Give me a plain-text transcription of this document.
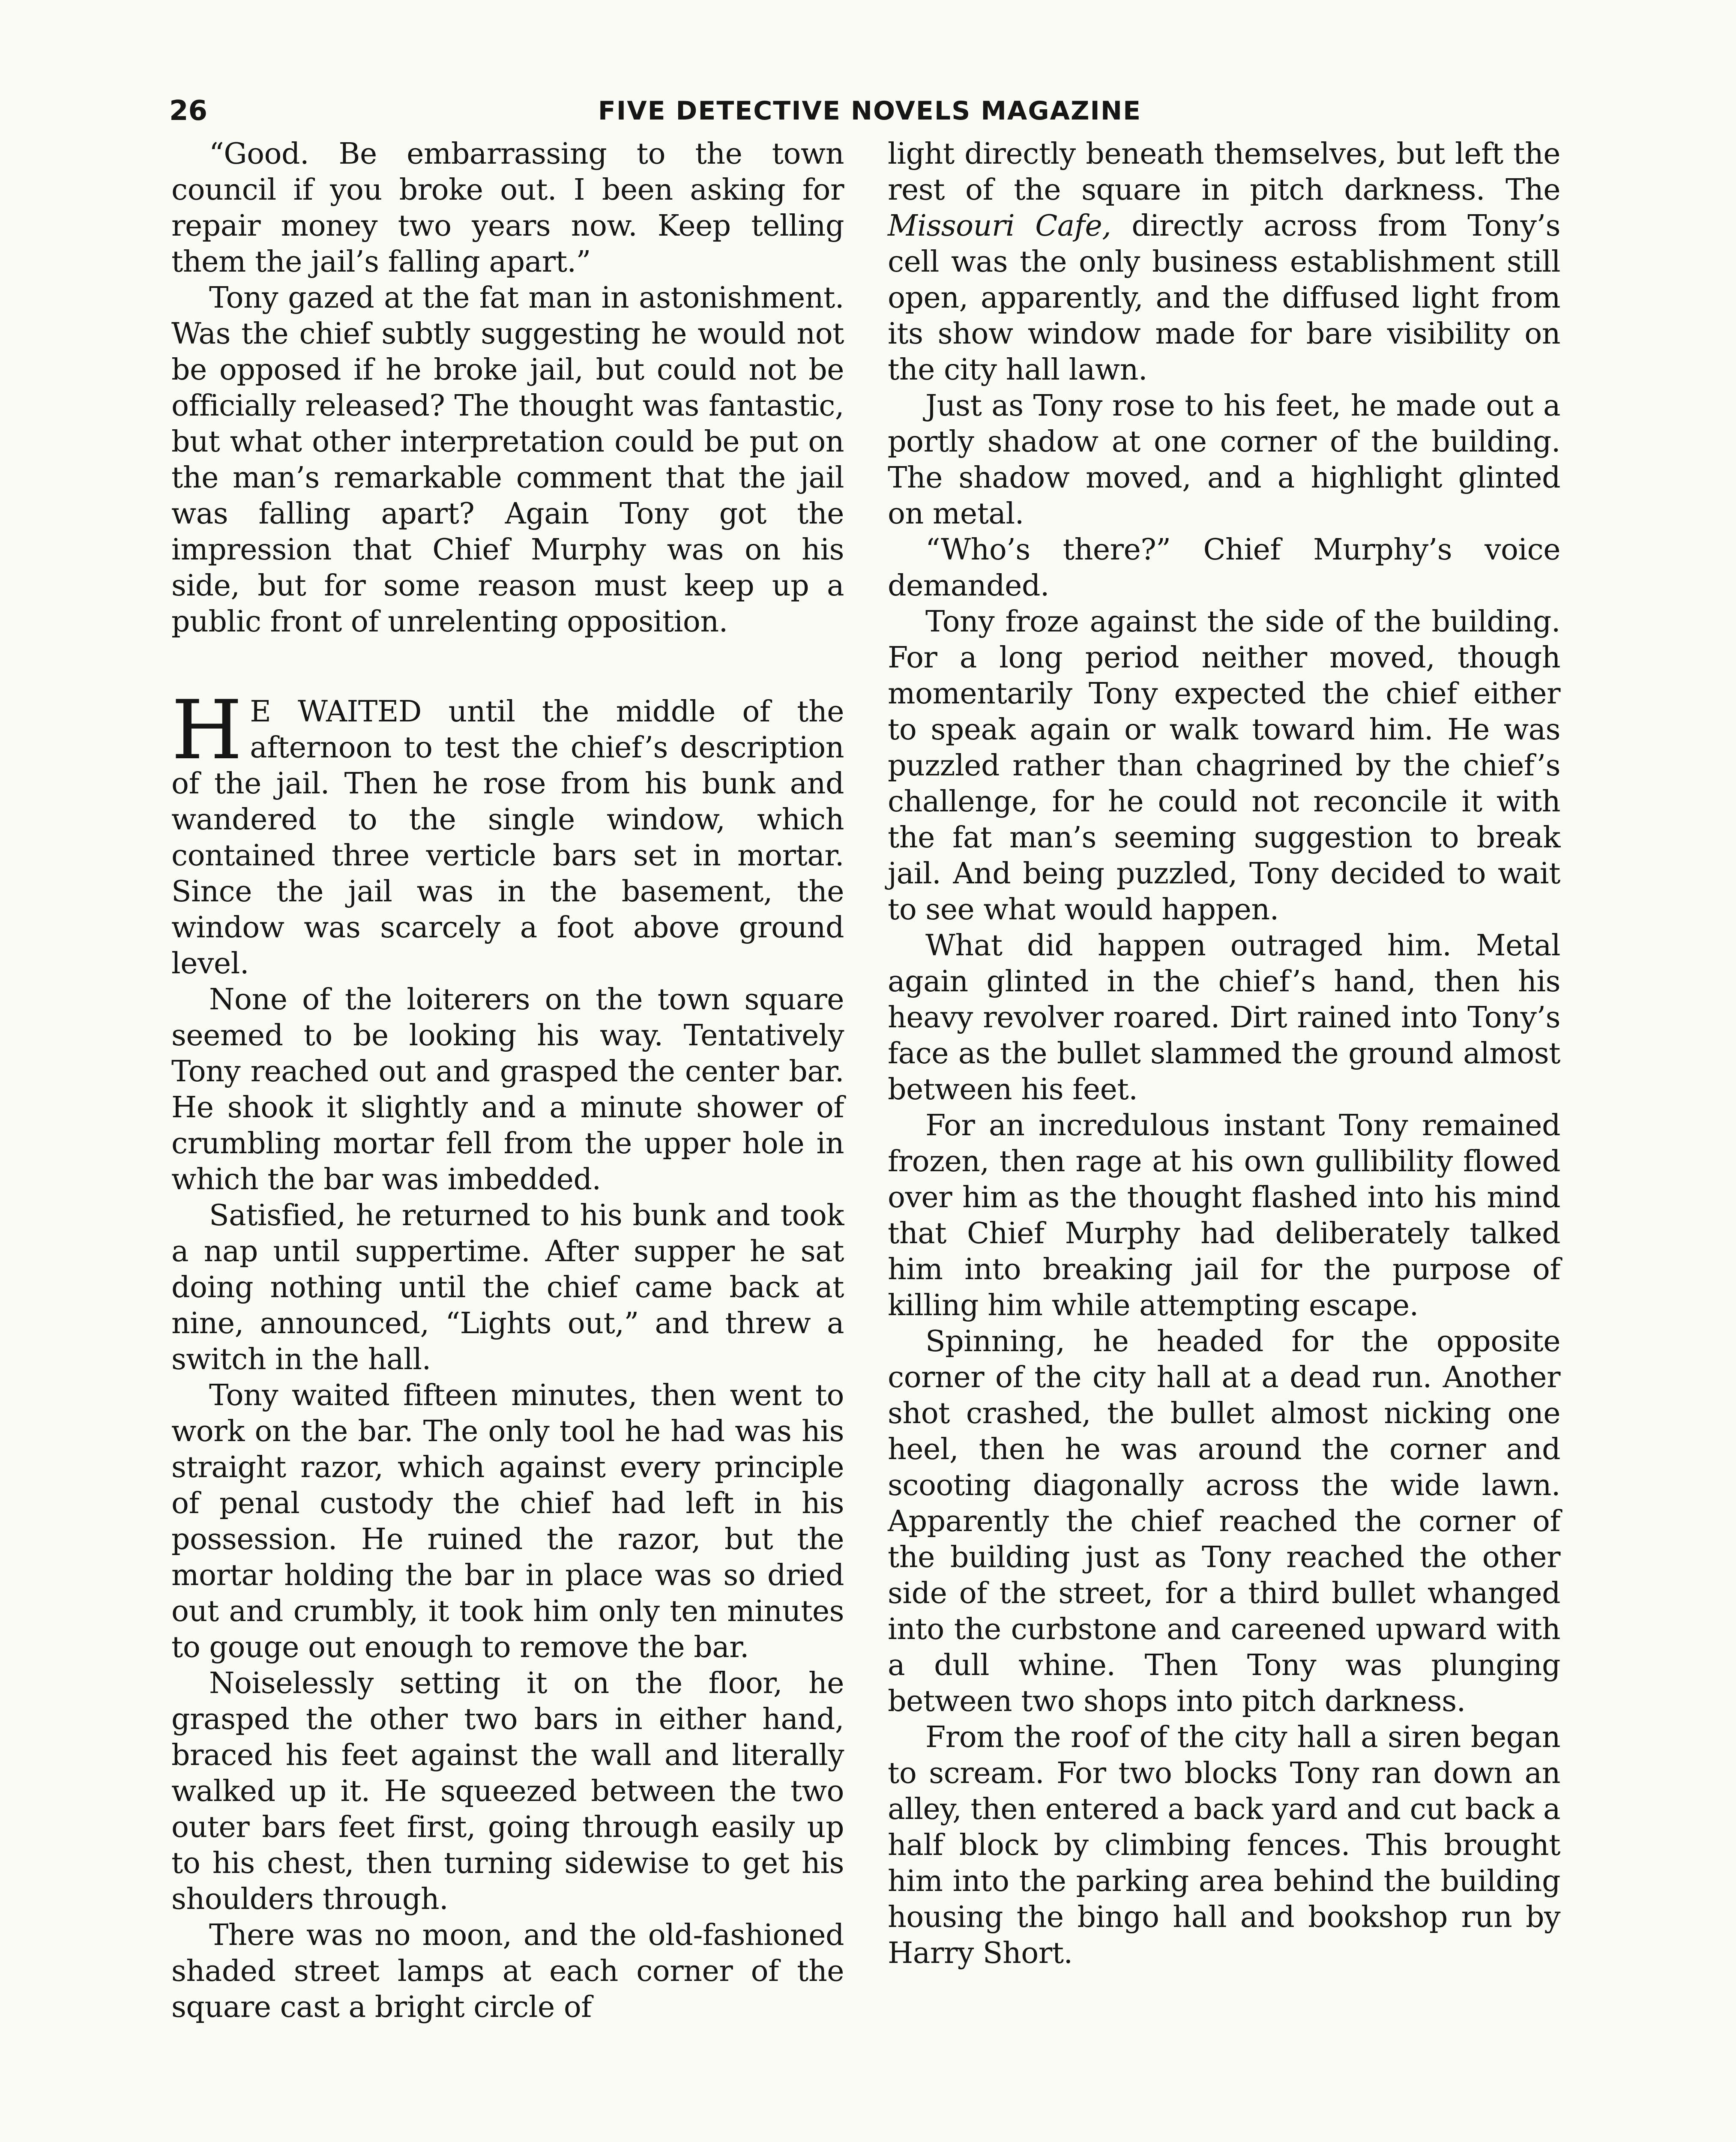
26	FIVE DETECTIVE NOVELS MAGAZINE

“Good. Be embarrassing to the town council if you broke out. I been asking for repair money two years now. Keep telling them the jail’s falling apart.”

Tony gazed at the fat man in astonishment. Was the chief subtly suggesting he would not be opposed if he broke jail, but could not be officially released? The thought was fantastic, but what other interpretation could be put on the man’s remarkable comment that the jail was falling apart? Again Tony got the impression that Chief Murphy was on his side, but for some reason must keep up a public front of unrelenting opposition.

H E WAITED until the middle of the afternoon to test the chief’s description of the jail. Then he rose from his bunk and wandered to the single window, which contained three verticle bars set in mortar. Since the jail was in the basement, the window was scarcely a foot above ground level.

None of the loiterers on the town square seemed to be looking his way. Tentatively Tony reached out and grasped the center bar. He shook it slightly and a minute shower of crumbling mortar fell from the upper hole in which the bar was imbedded.

Satisfied, he returned to his bunk and took a nap until suppertime. After supper he sat doing nothing until the chief came back at nine, announced, “Lights out,” and threw a switch in the hall.

Tony waited fifteen minutes, then went to work on the bar. The only tool he had was his straight razor, which against every principle of penal custody the chief had left in his possession. He ruined the razor, but the mortar holding the bar in place was so dried out and crumbly, it took him only ten minutes to gouge out enough to remove the bar.

Noiselessly setting it on the floor, he grasped the other two bars in either hand, braced his feet against the wall and literally walked up it. He squeezed between the two outer bars feet first, going through easily up to his chest, then turning sidewise to get his shoulders through.

There was no moon, and the old-fashioned shaded street lamps at each corner of the square cast a bright circle of

light directly beneath themselves, but left the rest of the square in pitch darkness. The Missouri Cafe, directly across from Tony’s cell was the only business establishment still open, apparently, and the diffused light from its show window made for bare visibility on the city hall lawn.

Just as Tony rose to his feet, he made out a portly shadow at one corner of the building. The shadow moved, and a highlight glinted on metal.

“Who’s there?” Chief Murphy’s voice demanded.

Tony froze against the side of the building. For a long period neither moved, though momentarily Tony expected the chief either to speak again or walk toward him. He was puzzled rather than chagrined by the chief’s challenge, for he could not reconcile it with the fat man’s seeming suggestion to break jail. And being puzzled, Tony decided to wait to see what would happen.

What did happen outraged him. Metal again glinted in the chief’s hand, then his heavy revolver roared. Dirt rained into Tony’s face as the bullet slammed the ground almost between his feet.

For an incredulous instant Tony remained frozen, then rage at his own gullibility flowed over him as the thought flashed into his mind that Chief Murphy had deliberately talked him into breaking jail for the purpose of killing him while attempting escape.

Spinning, he headed for the opposite corner of the city hall at a dead run. Another shot crashed, the bullet almost nicking one heel, then he was around the corner and scooting diagonally across the wide lawn. Apparently the chief reached the corner of the building just as Tony reached the other side of the street, for a third bullet whanged into the curbstone and careened upward with a dull whine. Then Tony was plunging between two shops into pitch darkness.

From the roof of the city hall a siren began to scream. For two blocks Tony ran down an alley, then entered a back yard and cut back a half block by climbing fences. This brought him into the parking area behind the building housing the bingo hall and bookshop run by Harry Short.
